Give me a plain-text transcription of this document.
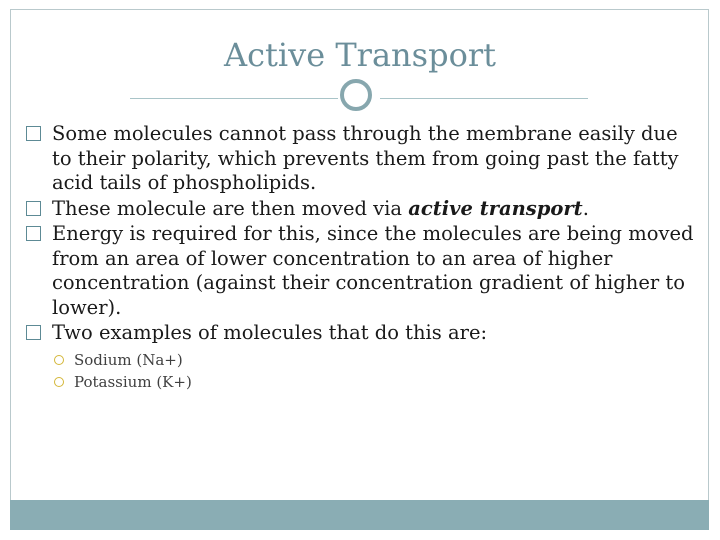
Active Transport
Some molecules cannot pass through the membrane easily due to their polarity, which prevents them from going past the fatty acid tails of phospholipids.
These molecule are then moved via active transport.
Energy is required for this, since the molecules are being moved from an area of lower concentration to an area of higher concentration (against their concentration gradient of higher to lower).
Two examples of molecules that do this are:
Sodium (Na+)
Potassium (K+)
